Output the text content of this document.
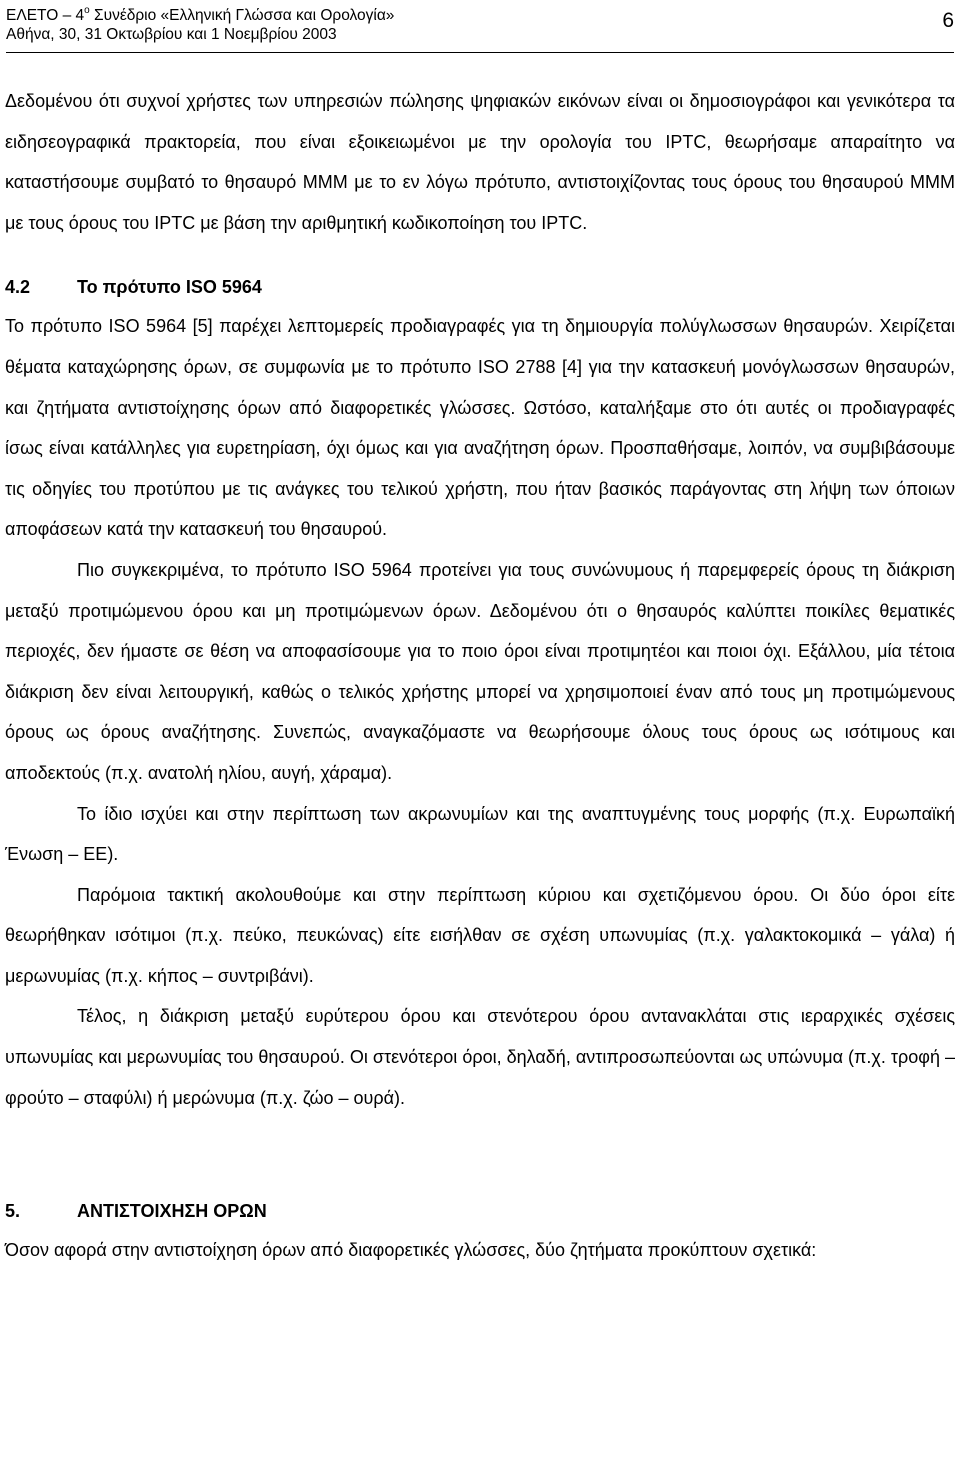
ΕΛΕΤΟ – $4^o$ Συνέδριο «Ελληνική Γλώσσα και Ορολογία»
Αθήνα, 30, 31 Οκτωβρίου και 1 Νοεμβρίου 2003
6

Δεδομένου ότι συχνοί χρήστες των υπηρεσιών πώλησης ψηφιακών εικόνων είναι οι δημοσιογράφοι και γενικότερα τα ειδησεογραφικά πρακτορεία, που είναι εξοικειωμένοι με την ορολογία του IPTC, θεωρήσαμε απαραίτητο να καταστήσουμε συμβατό το θησαυρό ΜΜΜ με το εν λόγω πρότυπο, αντιστοιχίζοντας τους όρους του θησαυρού ΜΜΜ με τους όρους του IPTC με βάση την αριθμητική κωδικοποίηση του IPTC.

4.2	Το πρότυπο ISO 5964

Το πρότυπο ISO 5964 [5] παρέχει λεπτομερείς προδιαγραφές για τη δημιουργία πολύγλωσσων θησαυρών. Χειρίζεται θέματα καταχώρησης όρων, σε συμφωνία με το πρότυπο ISO 2788 [4] για την κατασκευή μονόγλωσσων θησαυρών, και ζητήματα αντιστοίχησης όρων από διαφορετικές γλώσσες. Ωστόσο, καταλήξαμε στο ότι αυτές οι προδιαγραφές ίσως είναι κατάλληλες για ευρετηρίαση, όχι όμως και για αναζήτηση όρων. Προσπαθήσαμε, λοιπόν, να συμβιβάσουμε τις οδηγίες του προτύπου με τις ανάγκες του τελικού χρήστη, που ήταν βασικός παράγοντας στη λήψη των όποιων αποφάσεων κατά την κατασκευή του θησαυρού.

Πιο συγκεκριμένα, το πρότυπο ISO 5964 προτείνει για τους συνώνυμους ή παρεμφερείς όρους τη διάκριση μεταξύ προτιμώμενου όρου και μη προτιμώμενων όρων. Δεδομένου ότι ο θησαυρός καλύπτει ποικίλες θεματικές περιοχές, δεν ήμαστε σε θέση να αποφασίσουμε για το ποιο όροι είναι προτιμητέοι και ποιοι όχι. Εξάλλου, μία τέτοια διάκριση δεν είναι λειτουργική, καθώς ο τελικός χρήστης μπορεί να χρησιμοποιεί έναν από τους μη προτιμώμενους όρους ως όρους αναζήτησης. Συνεπώς, αναγκαζόμαστε να θεωρήσουμε όλους τους όρους ως ισότιμους και αποδεκτούς (π.χ. ανατολή ηλίου, αυγή, χάραμα).

Το ίδιο ισχύει και στην περίπτωση των ακρωνυμίων και της αναπτυγμένης τους μορφής (π.χ. Ευρωπαϊκή Ένωση – ΕΕ).

Παρόμοια τακτική ακολουθούμε και στην περίπτωση κύριου και σχετιζόμενου όρου. Οι δύο όροι είτε θεωρήθηκαν ισότιμοι (π.χ. πεύκο, πευκώνας) είτε εισήλθαν σε σχέση υπωνυμίας (π.χ. γαλακτοκομικά – γάλα) ή μερωνυμίας (π.χ. κήπος – συντριβάνι).

Τέλος, η διάκριση μεταξύ ευρύτερου όρου και στενότερου όρου αντανακλάται στις ιεραρχικές σχέσεις υπωνυμίας και μερωνυμίας του θησαυρού. Οι στενότεροι όροι, δηλαδή, αντιπροσωπεύονται ως υπώνυμα (π.χ. τροφή – φρούτο – σταφύλι) ή μερώνυμα (π.χ. ζώο – ουρά).

5.	ΑΝΤΙΣΤΟΙΧΗΣΗ ΟΡΩΝ

Όσον αφορά στην αντιστοίχηση όρων από διαφορετικές γλώσσες, δύο ζητήματα προκύπτουν σχετικά:
